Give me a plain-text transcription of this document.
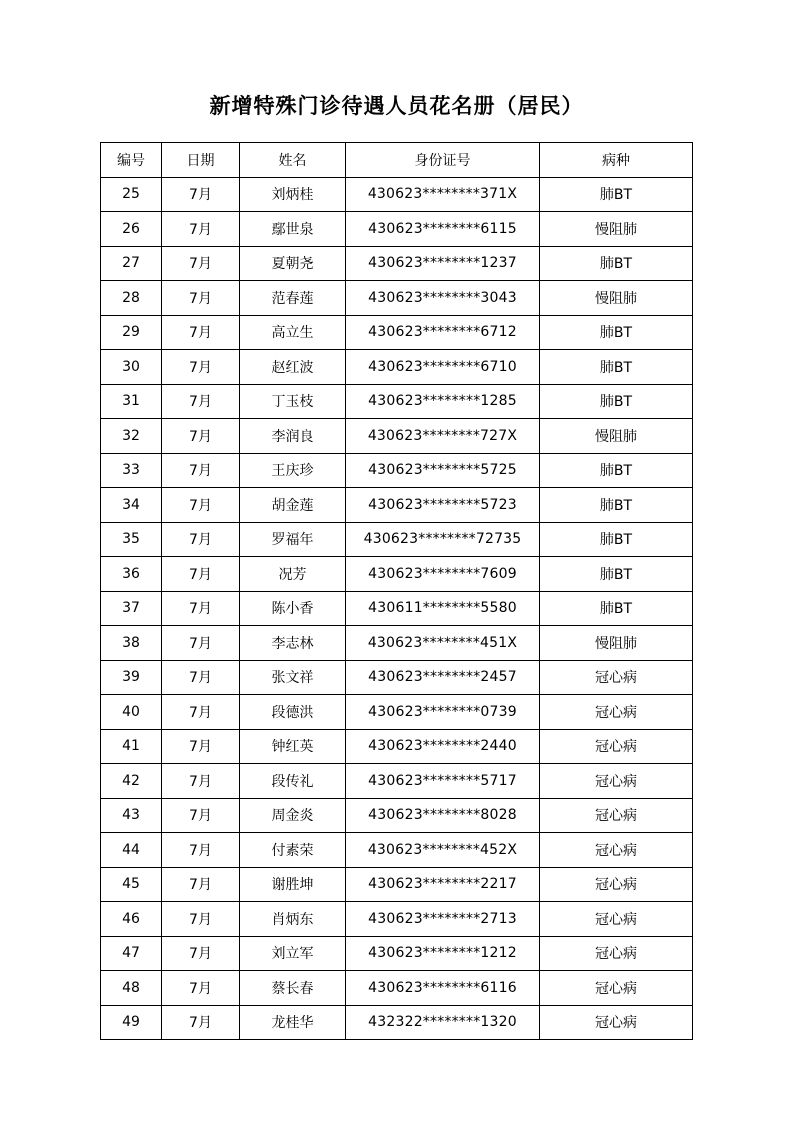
新增特殊门诊待遇人员花名册（居民）
编号	日期	姓名	身份证号	病种
25	7月	刘炳桂	430623********371X	肺BT
26	7月	鄢世泉	430623********6115	慢阻肺
27	7月	夏朝尧	430623********1237	肺BT
28	7月	范春莲	430623********3043	慢阻肺
29	7月	高立生	430623********6712	肺BT
30	7月	赵红波	430623********6710	肺BT
31	7月	丁玉枝	430623********1285	肺BT
32	7月	李润良	430623********727X	慢阻肺
33	7月	王庆珍	430623********5725	肺BT
34	7月	胡金莲	430623********5723	肺BT
35	7月	罗福年	430623********72735	肺BT
36	7月	况芳	430623********7609	肺BT
37	7月	陈小香	430611********5580	肺BT
38	7月	李志林	430623********451X	慢阻肺
39	7月	张文祥	430623********2457	冠心病
40	7月	段德洪	430623********0739	冠心病
41	7月	钟红英	430623********2440	冠心病
42	7月	段传礼	430623********5717	冠心病
43	7月	周金炎	430623********8028	冠心病
44	7月	付素荣	430623********452X	冠心病
45	7月	谢胜坤	430623********2217	冠心病
46	7月	肖炳东	430623********2713	冠心病
47	7月	刘立军	430623********1212	冠心病
48	7月	蔡长春	430623********6116	冠心病
49	7月	龙桂华	432322********1320	冠心病
